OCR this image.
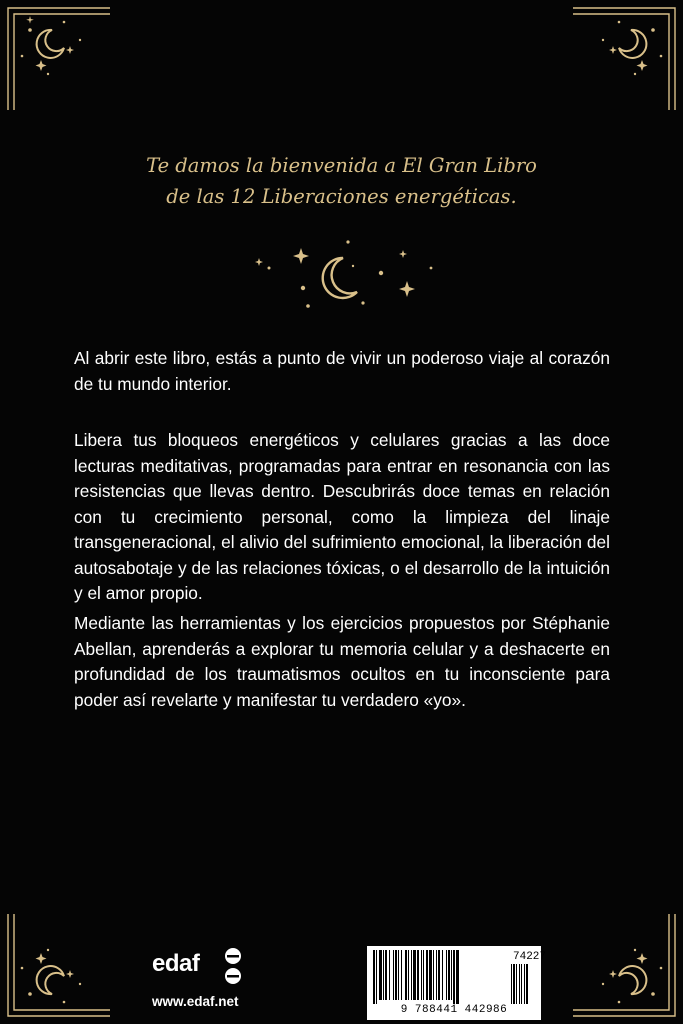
Te damos la bienvenida a El Gran Libro
de las 12 Liberaciones energéticas.
Al abrir este libro, estás a punto de vivir un poderoso viaje al corazón de tu mundo interior.
Libera tus bloqueos energéticos y celulares gracias a las doce lecturas meditativas, programadas para entrar en resonancia con las resistencias que llevas dentro. Descubrirás doce temas en relación con tu crecimiento personal, como la limpieza del linaje transgeneracional, el alivio del sufrimiento emocional, la liberación del autosabotaje y de las relaciones tóxicas, o el desarrollo de la intuición y el amor propio.
Mediante las herramientas y los ejercicios propuestos por Stéphanie Abellan, aprenderás a explorar tu memoria celular y a deshacerte en profundidad de los traumatismos ocultos en tu inconsciente para poder así revelarte y manifestar tu verdadero «yo».
edaf
www.edaf.net
74227
9 788441 442986
